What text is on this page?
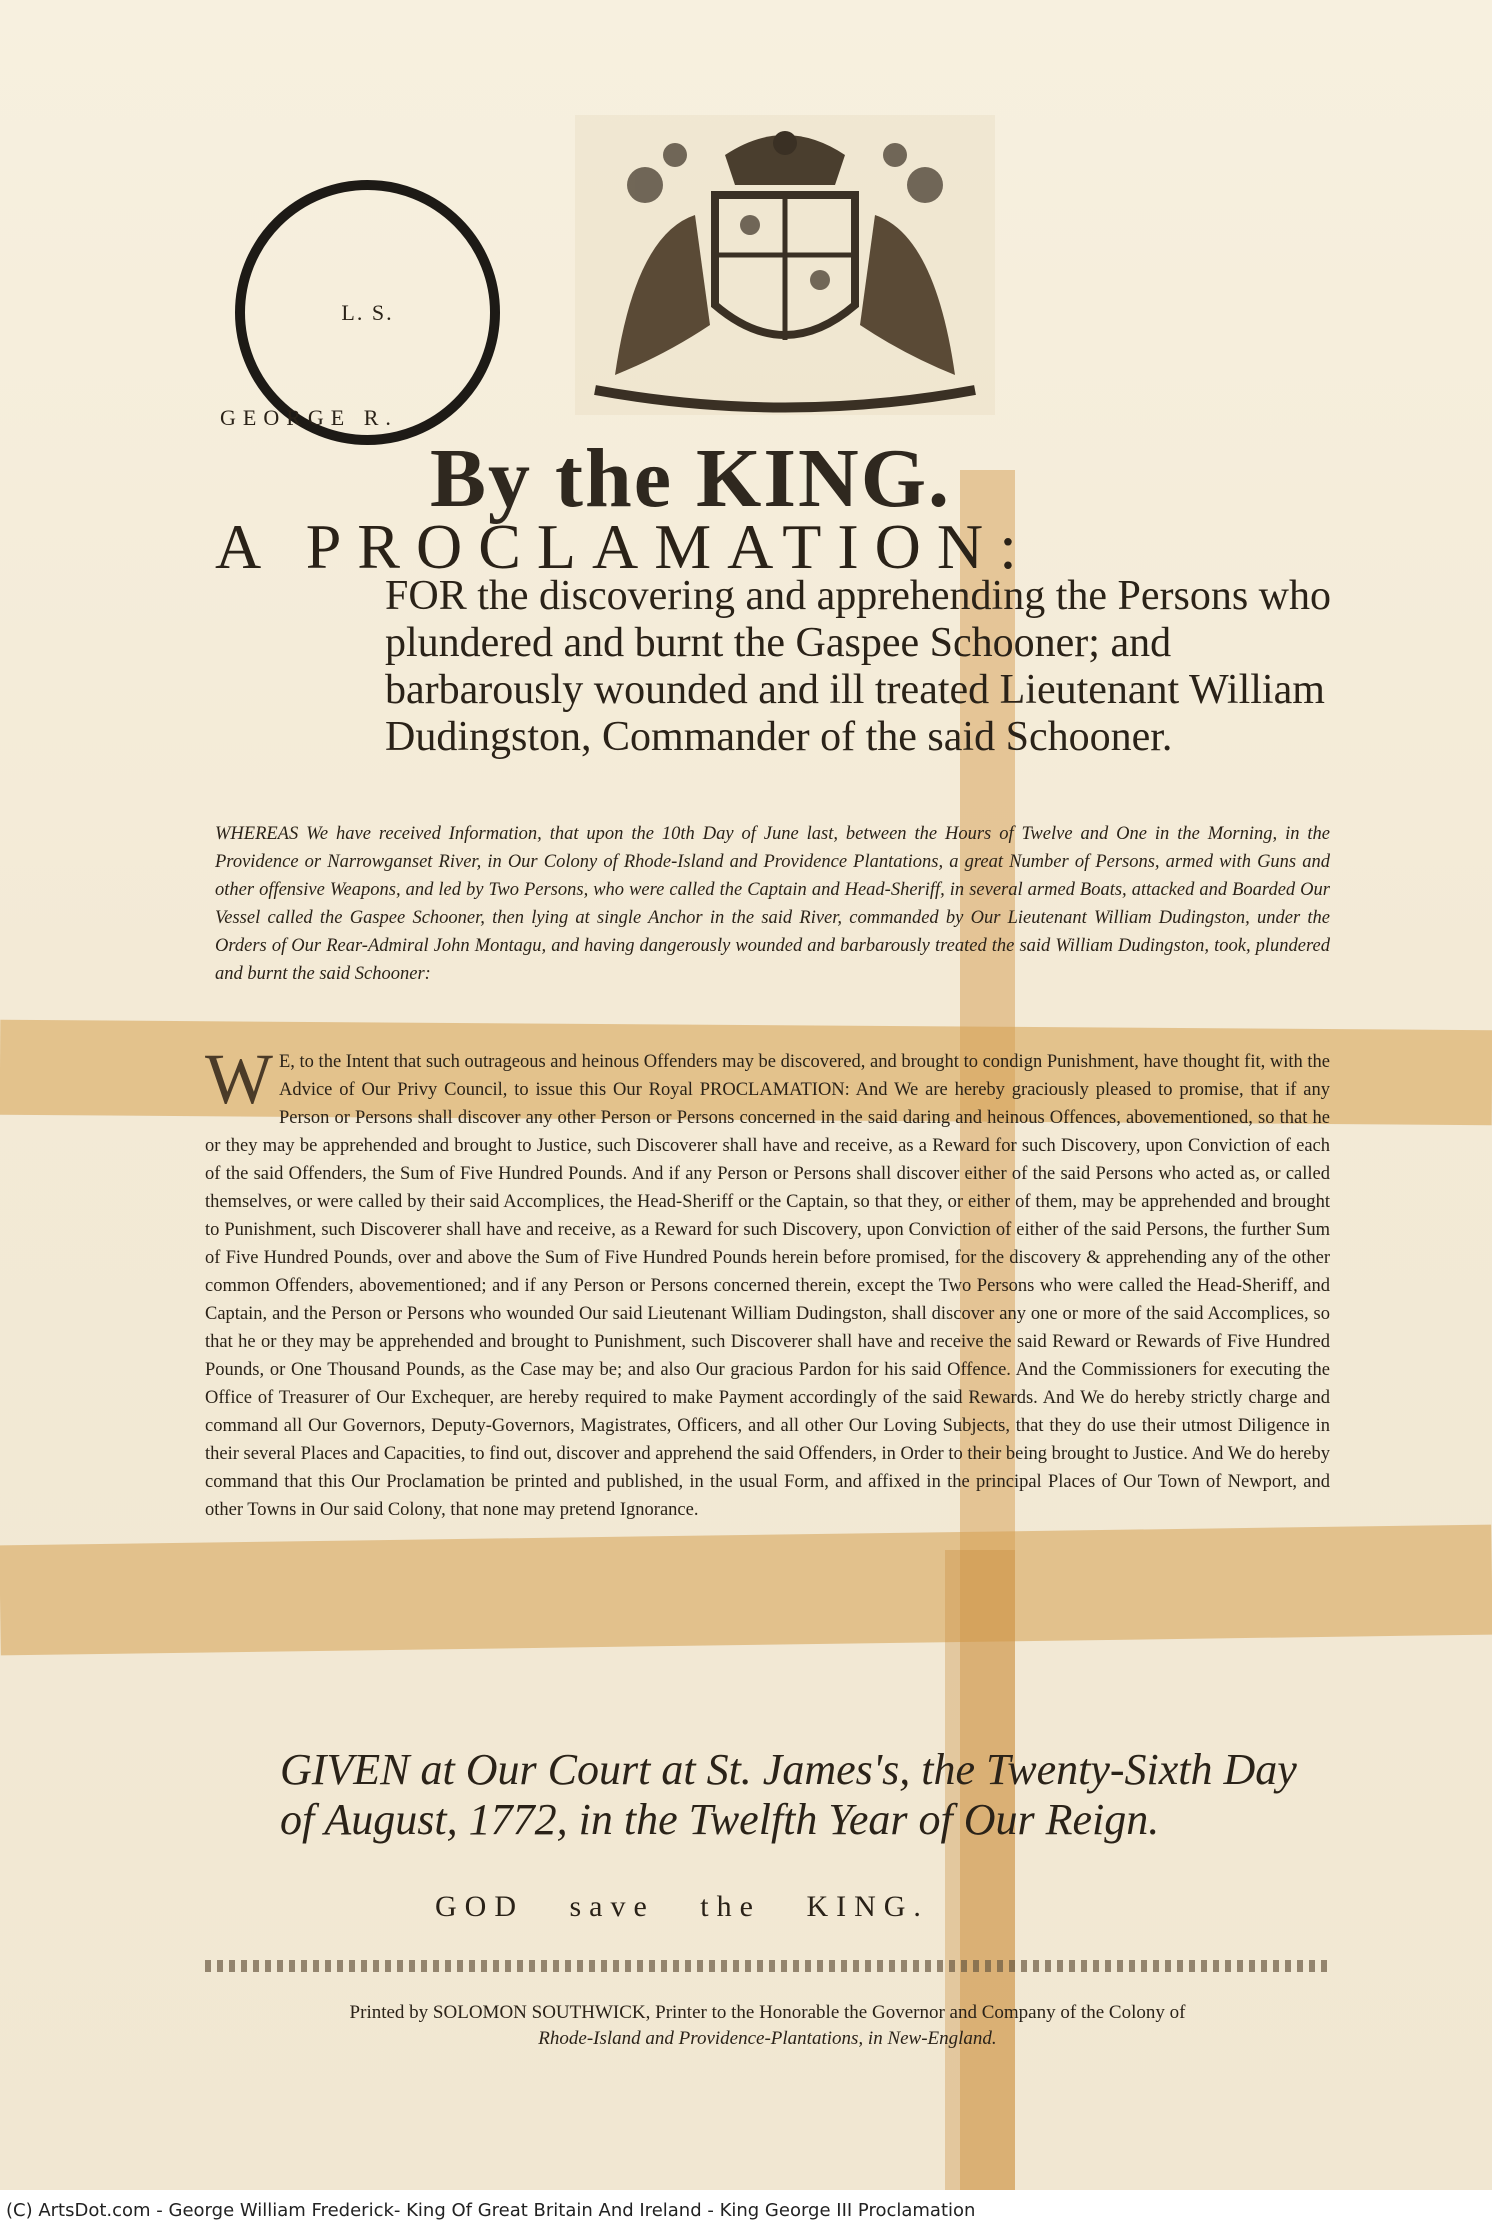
L. S.
GEORGE R.
By the KING.
A PROCLAMATION:
FOR the discovering and apprehending the Persons who plundered and burnt the Gaspee Schooner; and barbarously wounded and ill treated Lieutenant William Dudingston, Commander of the said Schooner.
WHEREAS We have received Information, that upon the 10th Day of June last, between the Hours of Twelve and One in the Morning, in the Providence or Narrowganset River, in Our Colony of Rhode-Island and Providence Plantations, a great Number of Persons, armed with Guns and other offensive Weapons, and led by Two Persons, who were called the Captain and Head-Sheriff, in several armed Boats, attacked and Boarded Our Vessel called the Gaspee Schooner, then lying at single Anchor in the said River, commanded by Our Lieutenant William Dudingston, under the Orders of Our Rear-Admiral John Montagu, and having dangerously wounded and barbarously treated the said William Dudingston, took, plundered and burnt the said Schooner:
W E, to the Intent that such outrageous and heinous Offenders may be discovered, and brought to condign Punishment, have thought fit, with the Advice of Our Privy Council, to issue this Our Royal PROCLAMATION: And We are hereby graciously pleased to promise, that if any Person or Persons shall discover any other Person or Persons concerned in the said daring and heinous Offences, abovementioned, so that he or they may be apprehended and brought to Justice, such Discoverer shall have and receive, as a Reward for such Discovery, upon Conviction of each of the said Offenders, the Sum of Five Hundred Pounds. And if any Person or Persons shall discover either of the said Persons who acted as, or called themselves, or were called by their said Accomplices, the Head-Sheriff or the Captain, so that they, or either of them, may be apprehended and brought to Punishment, such Discoverer shall have and receive, as a Reward for such Discovery, upon Conviction of either of the said Persons, the further Sum of Five Hundred Pounds, over and above the Sum of Five Hundred Pounds herein before promised, for the discovery & apprehending any of the other common Offenders, abovementioned; and if any Person or Persons concerned therein, except the Two Persons who were called the Head-Sheriff, and Captain, and the Person or Persons who wounded Our said Lieutenant William Dudingston, shall discover any one or more of the said Accomplices, so that he or they may be apprehended and brought to Punishment, such Discoverer shall have and receive the said Reward or Rewards of Five Hundred Pounds, or One Thousand Pounds, as the Case may be; and also Our gracious Pardon for his said Offence. And the Commissioners for executing the Office of Treasurer of Our Exchequer, are hereby required to make Payment accordingly of the said Rewards. And We do hereby strictly charge and command all Our Governors, Deputy-Governors, Magistrates, Officers, and all other Our Loving Subjects, that they do use their utmost Diligence in their several Places and Capacities, to find out, discover and apprehend the said Offenders, in Order to their being brought to Justice. And We do hereby command that this Our Proclamation be printed and published, in the usual Form, and affixed in the principal Places of Our Town of Newport, and other Towns in Our said Colony, that none may pretend Ignorance.
GIVEN at Our Court at St. James's, the Twenty-Sixth Day of August, 1772, in the Twelfth Year of Our Reign.
GOD save the KING.
Printed by SOLOMON SOUTHWICK, Printer to the Honorable the Governor and Company of the Colony of
Rhode-Island and Providence-Plantations, in New-England.
(C) ArtsDot.com - George William Frederick- King Of Great Britain And Ireland - King George III Proclamation
